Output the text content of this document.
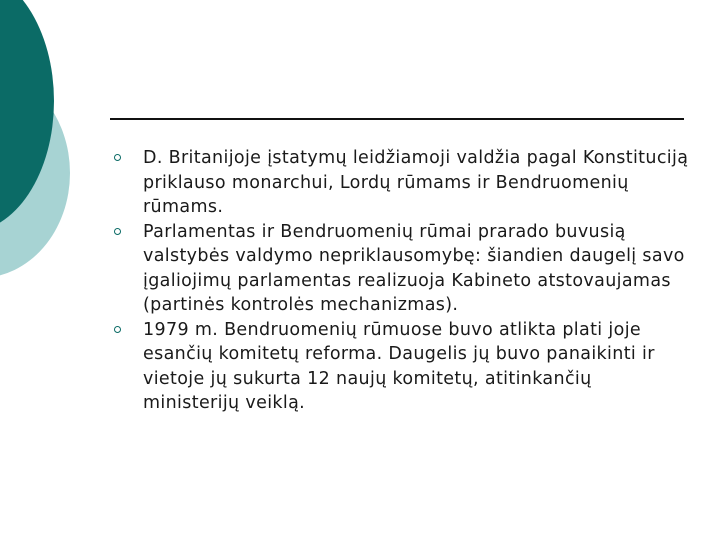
D. Britanijoje įstatymų leidžiamoji valdžia pagal Konstituciją priklauso monarchui, Lordų rūmams ir Bendruomenių rūmams.
Parlamentas ir Bendruomenių rūmai prarado buvusią valstybės valdymo nepriklausomybę: šiandien daugelį savo įgaliojimų parlamentas realizuoja Kabineto atstovaujamas (partinės kontrolės mechanizmas).
1979 m. Bendruomenių rūmuose buvo atlikta plati joje esančių komitetų reforma. Daugelis jų buvo panaikinti ir vietoje jų sukurta 12 naujų komitetų, atitinkančių ministerijų veiklą.
